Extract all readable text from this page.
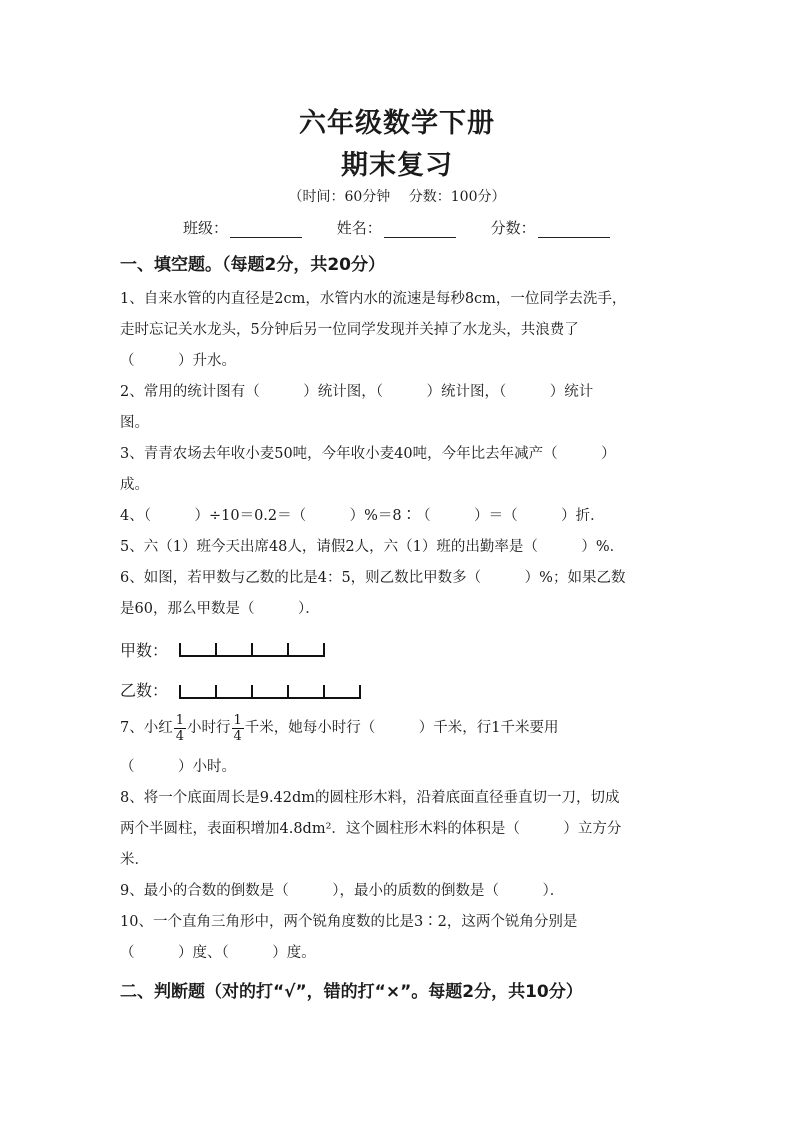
六年级数学下册
期末复习
（时间：60分钟 分数：100分）
班级：	姓名：	分数：
一、填空题。（每题2分，共20分）
1、自来水管的内直径是2cm，水管内水的流速是每秒8cm，一位同学去洗手，
走时忘记关水龙头，5分钟后另一位同学发现并关掉了水龙头，共浪费了
（　　　）升水。
2、常用的统计图有（　　　）统计图，（　　　）统计图，（　　　）统计
图。
3、青青农场去年收小麦50吨，今年收小麦40吨，今年比去年减产（　　　）
成。
4、（　　　）÷10＝0.2＝（　　　）%＝8∶（　　　）＝（　　　）折．
5、六（1）班今天出席48人，请假2人，六（1）班的出勤率是（　　　）%．
6、如图，若甲数与乙数的比是4：5，则乙数比甲数多（　　　）%；如果乙数
是60，那么甲数是（　　　）．
甲数：
乙数：
7、小红 $\frac{1}{4}$ 小时行 $\frac{1}{4}$ 千米，她每小时行（　　　）千米，行1千米要用
（　　　）小时。
8、将一个底面周长是9.42dm的圆柱形木料，沿着底面直径垂直切一刀，切成
两个半圆柱，表面积增加4.8dm²．这个圆柱形木料的体积是（　　　）立方分
米．
9、最小的合数的倒数是（　　　），最小的质数的倒数是（　　　）．
10、一个直角三角形中，两个锐角度数的比是3∶2，这两个锐角分别是
（　　　）度、（　　　）度。
二、判断题（对的打“√”，错的打“×”。每题2分，共10分）
